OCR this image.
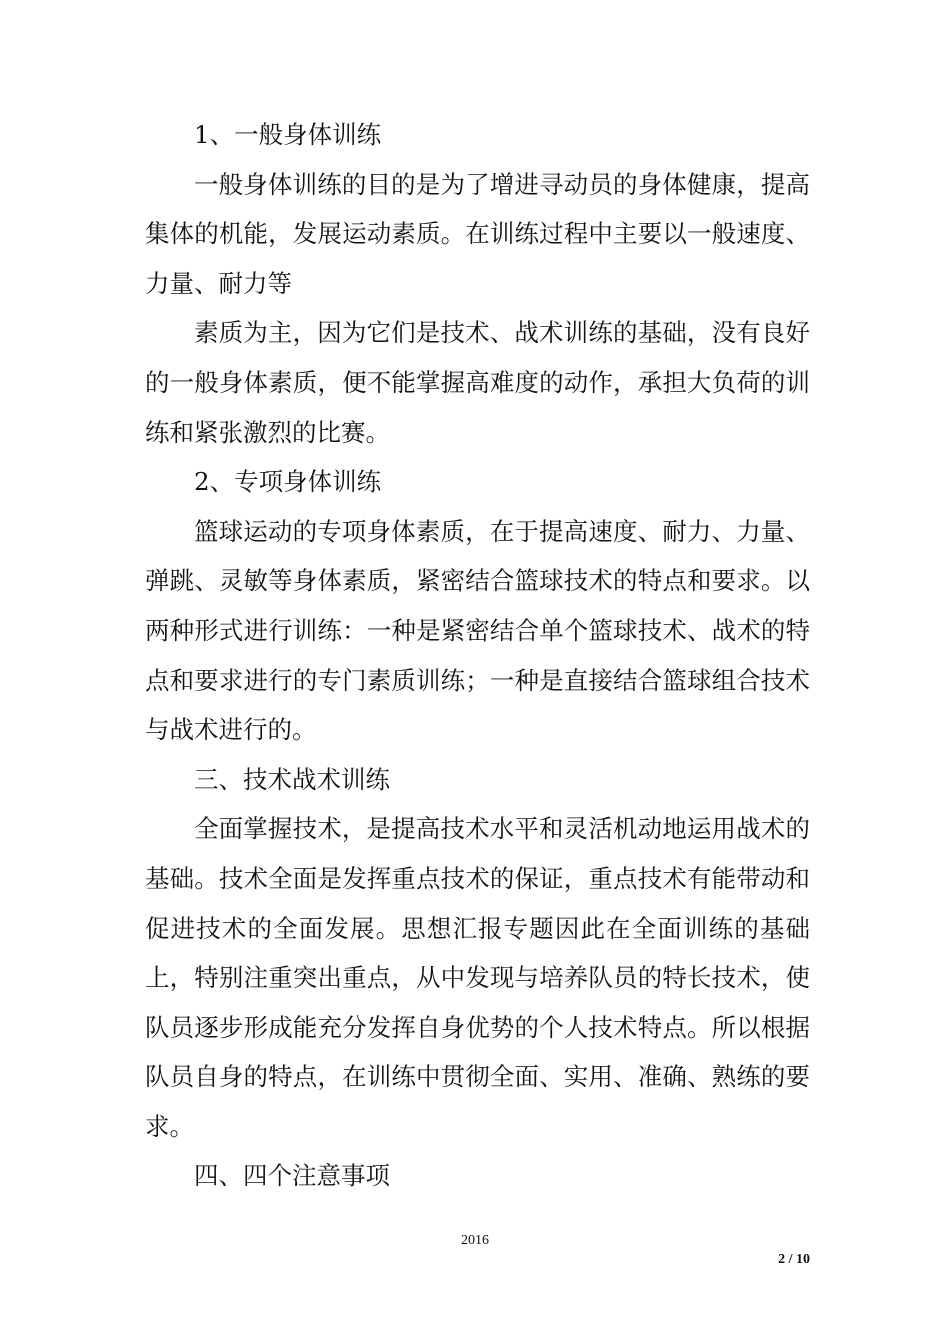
1、一般身体训练

一般身体训练的目的是为了增进寻动员的身体健康，提高集体的机能，发展运动素质。在训练过程中主要以一般速度、力量、耐力等

素质为主，因为它们是技术、战术训练的基础，没有良好的一般身体素质，便不能掌握高难度的动作，承担大负荷的训练和紧张激烈的比赛。

2、专项身体训练

篮球运动的专项身体素质，在于提高速度、耐力、力量、弹跳、灵敏等身体素质，紧密结合篮球技术的特点和要求。以两种形式进行训练：一种是紧密结合单个篮球技术、战术的特点和要求进行的专门素质训练；一种是直接结合篮球组合技术与战术进行的。

三、技术战术训练

全面掌握技术，是提高技术水平和灵活机动地运用战术的基础。技术全面是发挥重点技术的保证，重点技术有能带动和促进技术的全面发展。思想汇报专题因此在全面训练的基础上，特别注重突出重点，从中发现与培养队员的特长技术，使队员逐步形成能充分发挥自身优势的个人技术特点。所以根据队员自身的特点，在训练中贯彻全面、实用、准确、熟练的要求。

四、四个注意事项

2016
2 / 10
